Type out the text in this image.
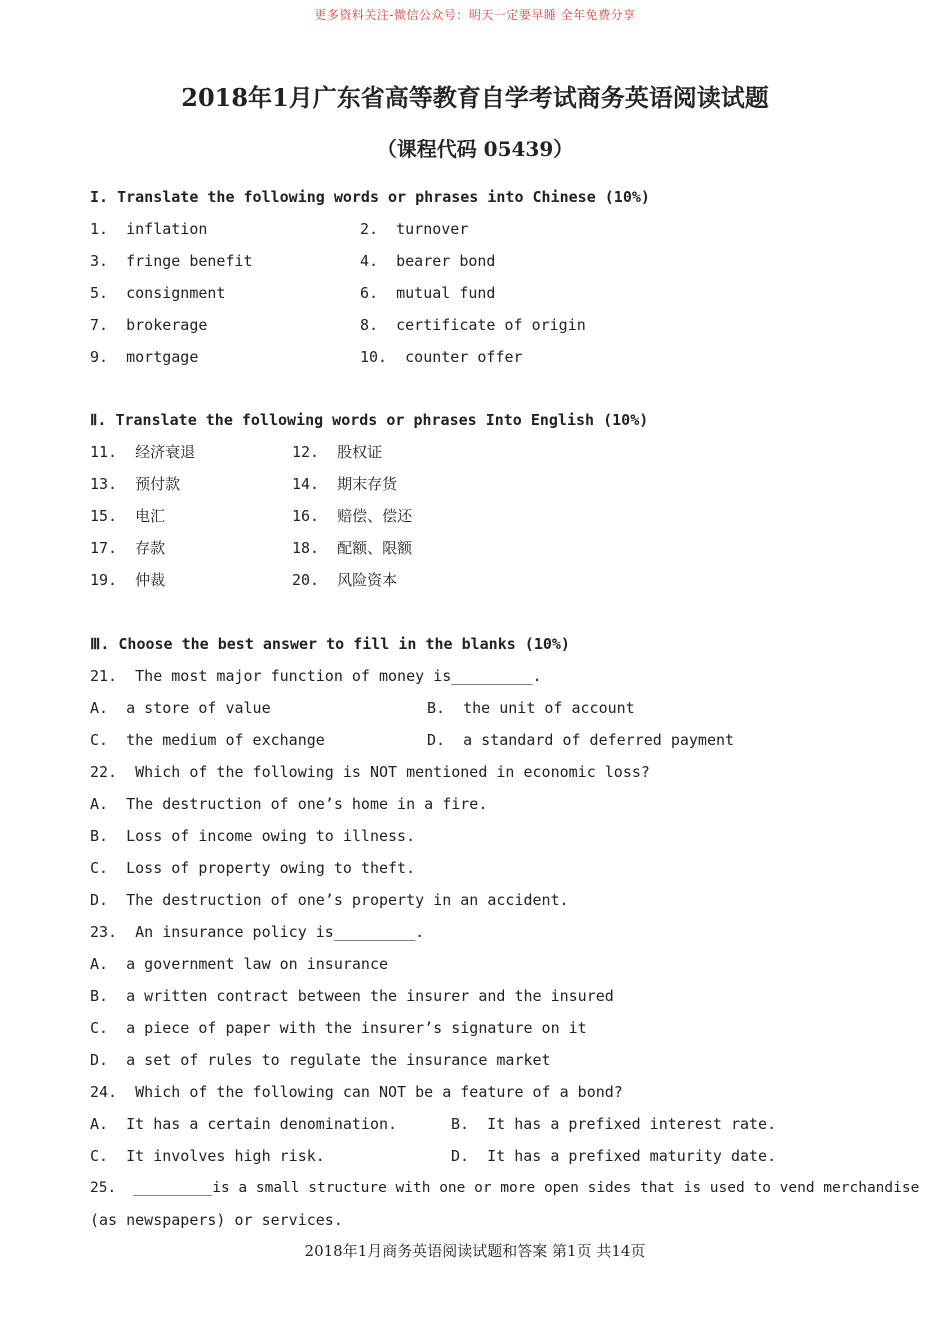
更多资料关注-微信公众号：明天一定要早睡 全年免费分享
2018年1月广东省高等教育自学考试商务英语阅读试题
（课程代码 05439）
I. Translate the following words or phrases into Chinese (10%)
1.  inflation	2.  turnover
3.  fringe benefit	4.  bearer bond
5.  consignment	6.  mutual fund
7.  brokerage	8.  certificate of origin
9.  mortgage	10.  counter offer
Ⅱ. Translate the following words or phrases Into English (10%)
11.  经济衰退	12.  股权证
13.  预付款	14.  期末存货
15.  电汇	16.  赔偿、偿还
17.  存款	18.  配额、限额
19.  仲裁	20.  风险资本
Ⅲ. Choose the best answer to fill in the blanks (10%)
21.  The most major function of money is_________.
A.  a store of value	B.  the unit of account
C.  the medium of exchange	D.  a standard of deferred payment
22.  Which of the following is NOT mentioned in economic loss?
A.  The destruction of one’s home in a fire.
B.  Loss of income owing to illness.
C.  Loss of property owing to theft.
D.  The destruction of one’s property in an accident.
23.  An insurance policy is_________.
A.  a government law on insurance
B.  a written contract between the insurer and the insured
C.  a piece of paper with the insurer’s signature on it
D.  a set of rules to regulate the insurance market
24.  Which of the following can NOT be a feature of a bond?
A.  It has a certain denomination.	B.  It has a prefixed interest rate.
C.  It involves high risk.	D.  It has a prefixed maturity date.
25.  _________is a small structure with one or more open sides that is used to vend merchandise
(as newspapers) or services.
2018年1月商务英语阅读试题和答案 第1页 共14页
